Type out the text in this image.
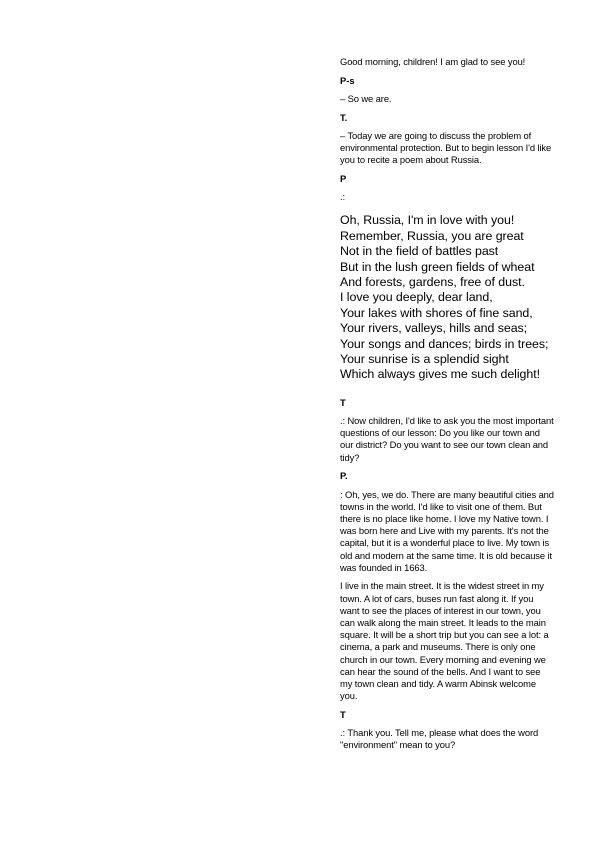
Good morning, children! I am glad to see you!

P-s

– So we are.

T.

– Today we are going to discuss the problem of environmental protection. But to begin lesson I'd like you to recite a poem about Russia.

P

.:

Oh, Russia, I'm in love with you!
Remember, Russia, you are great
Not in the field of battles past
But in the lush green fields of wheat
And forests, gardens, free of dust.
I love you deeply, dear land,
Your lakes with shores of fine sand,
Your rivers, valleys, hills and seas;
Your songs and dances; birds in trees;
Your sunrise is a splendid sight
Which always gives me such delight!

T

.: Now children, I'd like to ask you the most important questions of our lesson: Do you like our town and our district? Do you want to see our town clean and tidy?

P.

: Oh, yes, we do. There are many beautiful cities and towns in the world. I'd like to visit one of them. But there is no place like home. I love my Native town. I was born here and Live with my parents. It's not the capital, but it is a wonderful place to live. My town is old and modern at the same time. It is old because it was founded in 1663.

I live in the main street. It is the widest street in my town. A lot of cars, buses run fast along it. If you want to see the places of interest in our town, you can walk along the main street. It leads to the main square. It will be a short trip but you can see a lot: a cinema, a park and museums. There is only one church in our town. Every morning and evening we can hear the sound of the bells. And I want to see my town clean and tidy. A warm Abinsk welcome you.

T

.: Thank you. Tell me, please what does the word "environment" mean to you?
